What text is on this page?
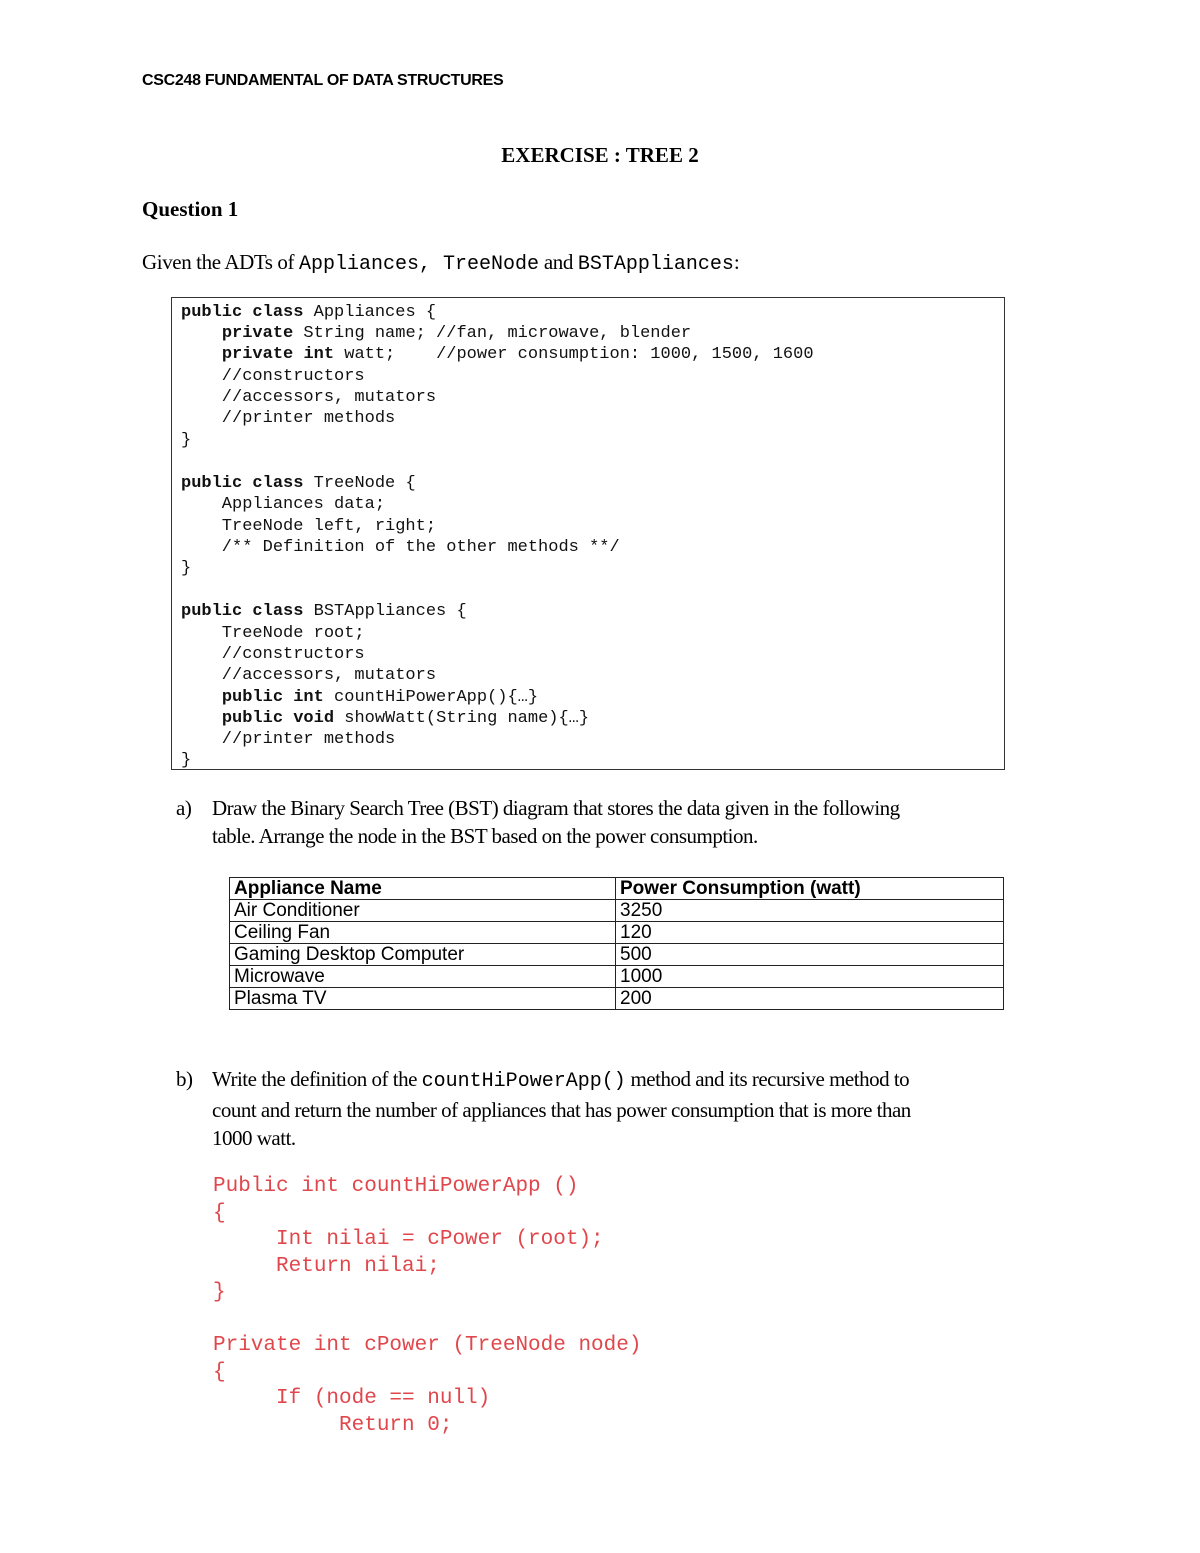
CSC248 FUNDAMENTAL OF DATA STRUCTURES
EXERCISE : TREE 2
Question 1
Given the ADTs of Appliances, TreeNode and BSTAppliances:
public class Appliances {
private String name; //fan, microwave, blender
private int watt;    //power consumption: 1000, 1500, 1600
//constructors
//accessors, mutators
//printer methods
}
public class TreeNode {
Appliances data;
TreeNode left, right;
/** Definition of the other methods **/
}
public class BSTAppliances {
TreeNode root;
//constructors
//accessors, mutators
public int countHiPowerApp(){…}
public void showWatt(String name){…}
//printer methods
}
a) Draw the Binary Search Tree (BST) diagram that stores the data given in the following
table. Arrange the node in the BST based on the power consumption.
Appliance Name	Power Consumption (watt)
Air Conditioner	3250
Ceiling Fan	120
Gaming Desktop Computer	500
Microwave	1000
Plasma TV	200
b) Write the definition of the countHiPowerApp() method and its recursive method to
count and return the number of appliances that has power consumption that is more than
1000 watt.
Public int countHiPowerApp ()
{
Int nilai = cPower (root);
Return nilai;
}
Private int cPower (TreeNode node)
{
If (node == null)
Return 0;
